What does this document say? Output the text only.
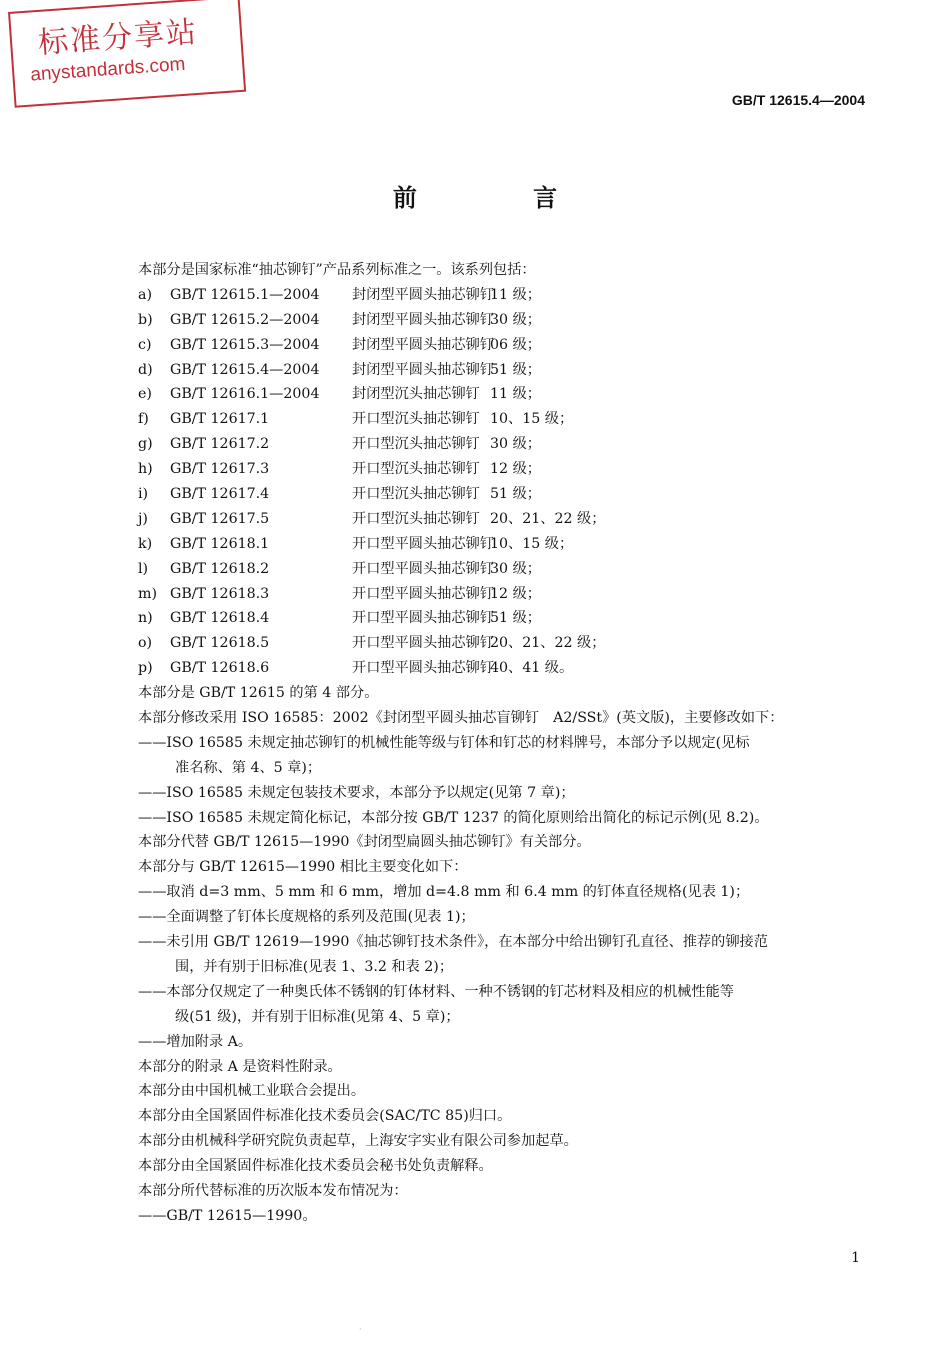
标准分享站
anystandards.com
GB/T 12615.4—2004
前 言
本部分是国家标准“抽芯铆钉”产品系列标准之一。该系列包括：
a) GB/T 12615.1—2004 封闭型平圆头抽芯铆钉11 级；
b) GB/T 12615.2—2004 封闭型平圆头抽芯铆钉30 级；
c) GB/T 12615.3—2004 封闭型平圆头抽芯铆钉06 级；
d) GB/T 12615.4—2004 封闭型平圆头抽芯铆钉51 级；
e) GB/T 12616.1—2004 封闭型沉头抽芯铆钉 11 级；
f) GB/T 12617.1	开口型沉头抽芯铆钉 10、15 级；
g) GB/T 12617.2	开口型沉头抽芯铆钉 30 级；
h) GB/T 12617.3	开口型沉头抽芯铆钉 12 级；
i) GB/T 12617.4	开口型沉头抽芯铆钉 51 级；
j) GB/T 12617.5	开口型沉头抽芯铆钉 20、21、22 级；
k) GB/T 12618.1	开口型平圆头抽芯铆钉10、15 级；
l) GB/T 12618.2	开口型平圆头抽芯铆钉30 级；
m) GB/T 12618.3	开口型平圆头抽芯铆钉12 级；
n) GB/T 12618.4	开口型平圆头抽芯铆钉51 级；
o) GB/T 12618.5	开口型平圆头抽芯铆钉20、21、22 级；
p) GB/T 12618.6	开口型平圆头抽芯铆钉40、41 级。
本部分是 GB/T 12615 的第 4 部分。
本部分修改采用 ISO 16585：2002《封闭型平圆头抽芯盲铆钉　A2/SSt》(英文版)，主要修改如下：
——ISO 16585 未规定抽芯铆钉的机械性能等级与钉体和钉芯的材料牌号，本部分予以规定(见标
准名称、第 4、5 章)；
——ISO 16585 未规定包装技术要求，本部分予以规定(见第 7 章)；
——ISO 16585 未规定简化标记，本部分按 GB/T 1237 的简化原则给出简化的标记示例(见 8.2)。
本部分代替 GB/T 12615—1990《封闭型扁圆头抽芯铆钉》有关部分。
本部分与 GB/T 12615—1990 相比主要变化如下：
——取消 d=3 mm、5 mm 和 6 mm，增加 d=4.8 mm 和 6.4 mm 的钉体直径规格(见表 1)；
——全面调整了钉体长度规格的系列及范围(见表 1)；
——未引用 GB/T 12619—1990《抽芯铆钉技术条件》，在本部分中给出铆钉孔直径、推荐的铆接范
围，并有别于旧标准(见表 1、3.2 和表 2)；
——本部分仅规定了一种奥氏体不锈钢的钉体材料、一种不锈钢的钉芯材料及相应的机械性能等
级(51 级)，并有别于旧标准(见第 4、5 章)；
——增加附录 A。
本部分的附录 A 是资料性附录。
本部分由中国机械工业联合会提出。
本部分由全国紧固件标准化技术委员会(SAC/TC 85)归口。
本部分由机械科学研究院负责起草，上海安字实业有限公司参加起草。
本部分由全国紧固件标准化技术委员会秘书处负责解释。
本部分所代替标准的历次版本发布情况为：
——GB/T 12615—1990。
1
·
